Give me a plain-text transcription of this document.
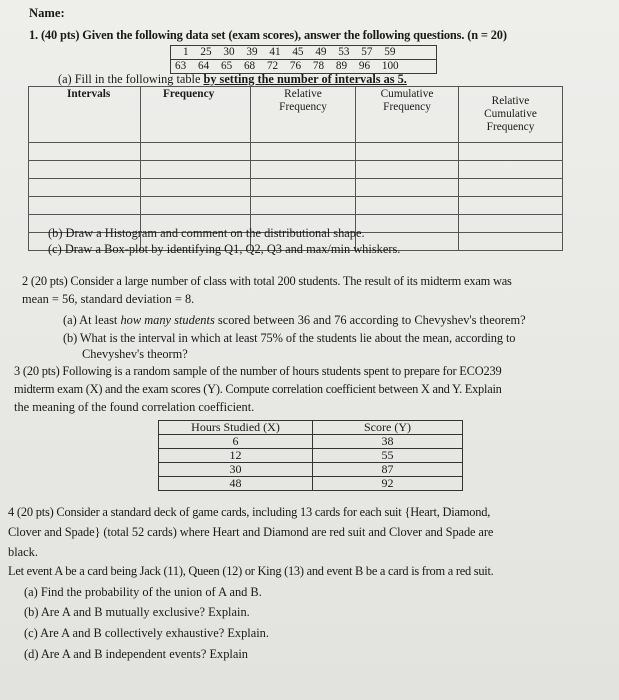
Name:
1. (40 pts) Given the following data set (exam scores), answer the following questions. (n = 20)
1 25 30 39 41 45 49 53 57 59
63 64 65 68 72 76 78 89 96 100
(a) Fill in the following table by setting the number of intervals as 5.
Intervals	Frequency	Relative Frequency	Cumulative Frequency	Relative Cumulative Frequency

(b) Draw a Histogram and comment on the distributional shape.
(c) Draw a Box-plot by identifying Q1, Q2, Q3 and max/min whiskers.
2 (20 pts) Consider a large number of class with total 200 students. The result of its midterm exam was
mean = 56, standard deviation = 8.
(a) At least how many students scored between 36 and 76 according to Chevyshev's theorem?
(b) What is the interval in which at least 75% of the students lie about the mean, according to
Chevyshev's theorm?
3 (20 pts) Following is a random sample of the number of hours students spent to prepare for ECO239
midterm exam (X) and the exam scores (Y). Compute correlation coefficient between X and Y. Explain
the meaning of the found correlation coefficient.
Hours Studied (X)	Score (Y)
6	38
12	55
30	87
48	92
4 (20 pts) Consider a standard deck of game cards, including 13 cards for each suit {Heart, Diamond,
Clover and Spade} (total 52 cards) where Heart and Diamond are red suit and Clover and Spade are
black.
Let event A be a card being Jack (11), Queen (12) or King (13) and event B be a card is from a red suit.
(a) Find the probability of the union of A and B.
(b) Are A and B mutually exclusive? Explain.
(c) Are A and B collectively exhaustive? Explain.
(d) Are A and B independent events? Explain
